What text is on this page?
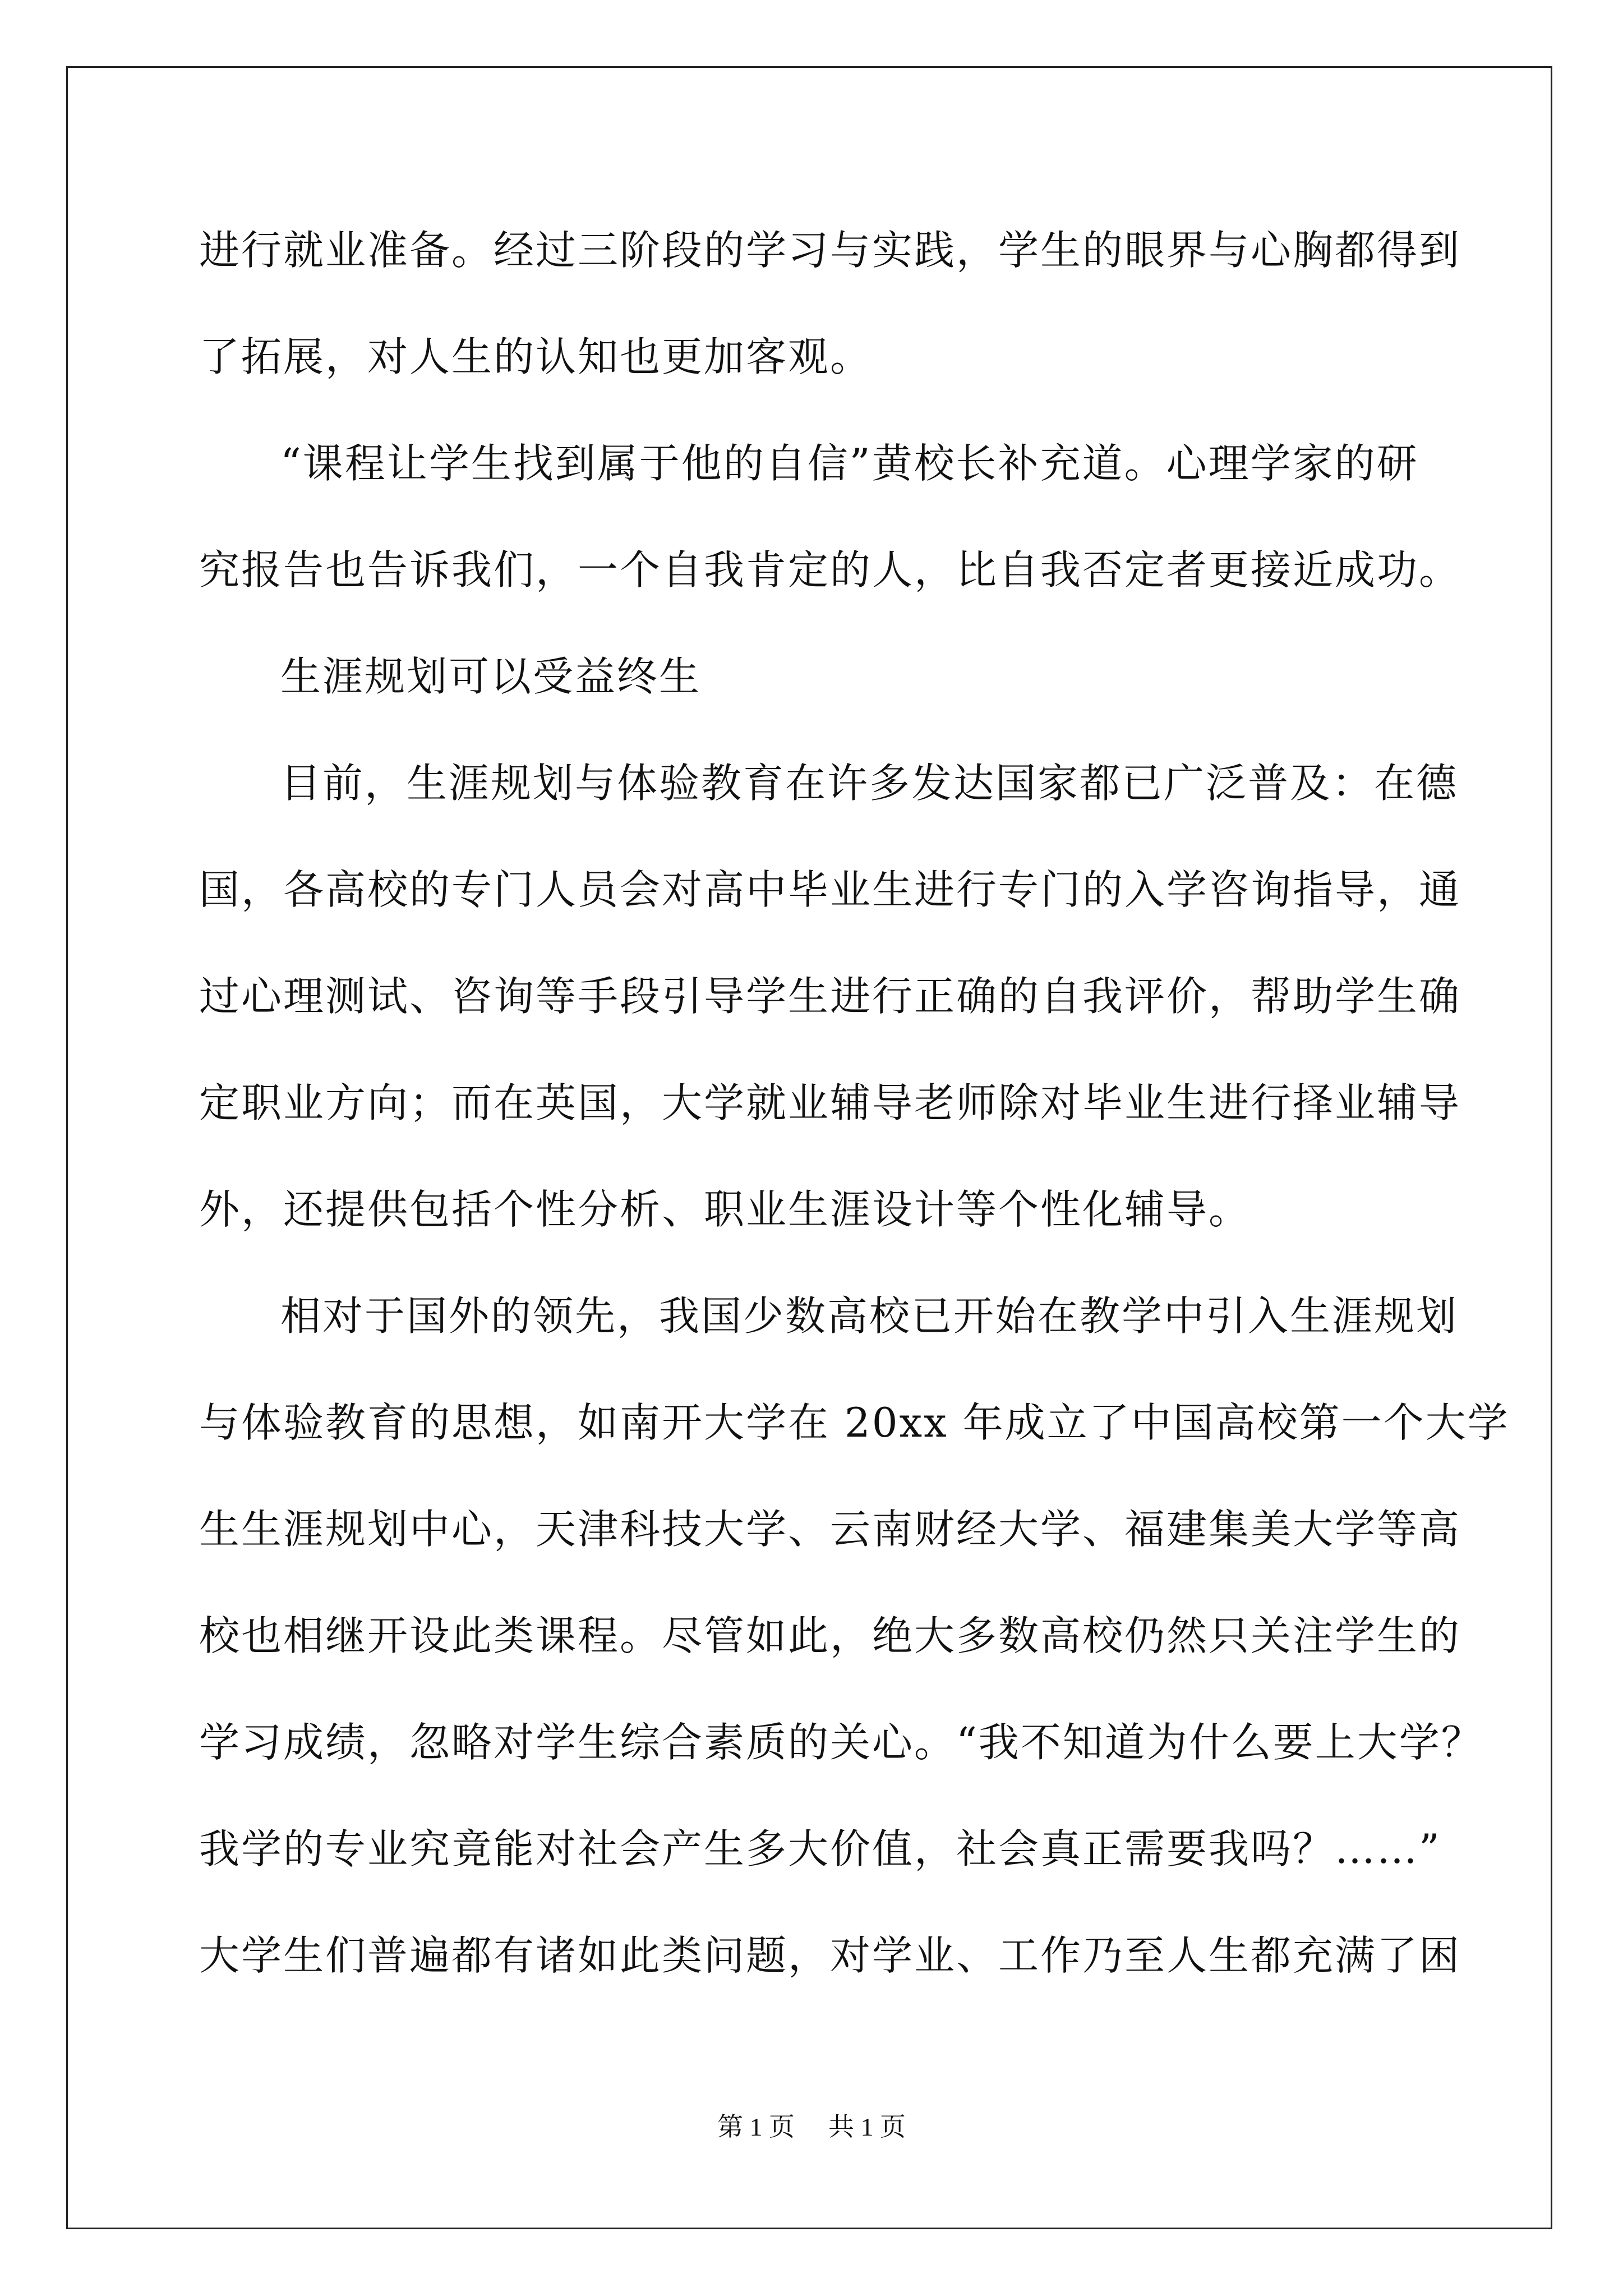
进行就业准备。经过三阶段的学习与实践，学生的眼界与心胸都得到
了拓展，对人生的认知也更加客观。
“课程让学生找到属于他的自信”黄校长补充道。心理学家的研
究报告也告诉我们，一个自我肯定的人，比自我否定者更接近成功。
生涯规划可以受益终生
目前，生涯规划与体验教育在许多发达国家都已广泛普及：在德
国，各高校的专门人员会对高中毕业生进行专门的入学咨询指导，通
过心理测试、咨询等手段引导学生进行正确的自我评价，帮助学生确
定职业方向；而在英国，大学就业辅导老师除对毕业生进行择业辅导
外，还提供包括个性分析、职业生涯设计等个性化辅导。
相对于国外的领先，我国少数高校已开始在教学中引入生涯规划
与体验教育的思想，如南开大学在 20xx 年成立了中国高校第一个大学
生生涯规划中心，天津科技大学、云南财经大学、福建集美大学等高
校也相继开设此类课程。尽管如此，绝大多数高校仍然只关注学生的
学习成绩，忽略对学生综合素质的关心。“我不知道为什么要上大学？
我学的专业究竟能对社会产生多大价值，社会真正需要我吗？……”
大学生们普遍都有诸如此类问题，对学业、工作乃至人生都充满了困
第 1 页 共 1 页
